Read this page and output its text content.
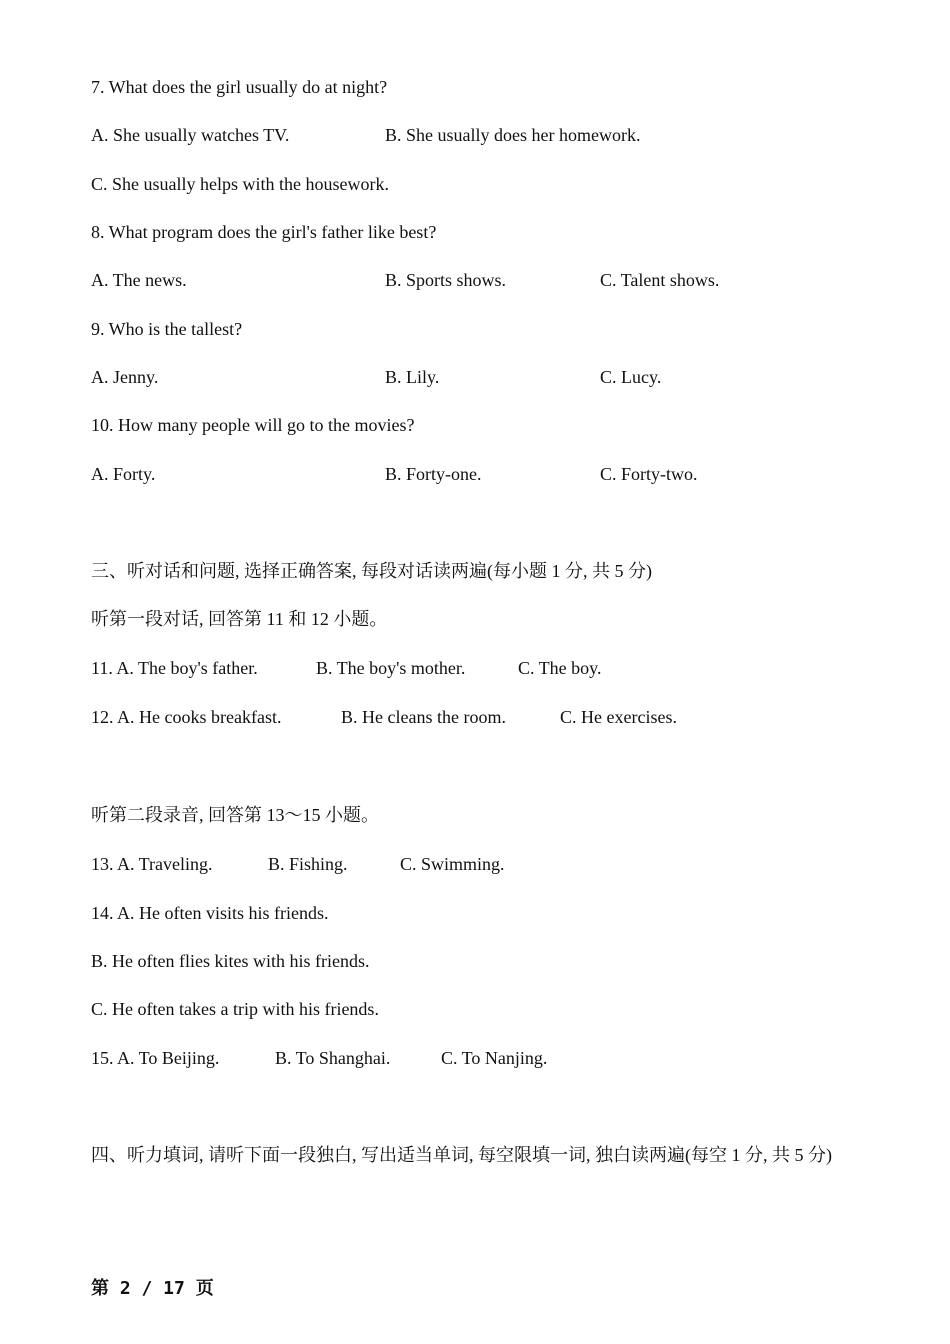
7. What does the girl usually do at night?
A. She usually watches TV.	B. She usually does her homework.
C. She usually helps with the housework.
8. What program does the girl's father like best?
A. The news.	B. Sports shows.	C. Talent shows.
9. Who is the tallest?
A. Jenny.	B. Lily.	C. Lucy.
10. How many people will go to the movies?
A. Forty.	B. Forty-one.	C. Forty-two.
三、听对话和问题, 选择正确答案, 每段对话读两遍(每小题 1 分, 共 5 分)
听第一段对话, 回答第 11 和 12 小题。
11. A. The boy's father.	B. The boy's mother.	C. The boy.
12. A. He cooks breakfast.	B. He cleans the room.	C. He exercises.
听第二段录音, 回答第 13～15 小题。
13. A. Traveling.	B. Fishing.	C. Swimming.
14. A. He often visits his friends.
B. He often flies kites with his friends.
C. He often takes a trip with his friends.
15. A. To Beijing.	B. To Shanghai.	C. To Nanjing.
四、听力填词, 请听下面一段独白, 写出适当单词, 每空限填一词, 独白读两遍(每空 1 分, 共 5 分)
第 2 / 17 页
